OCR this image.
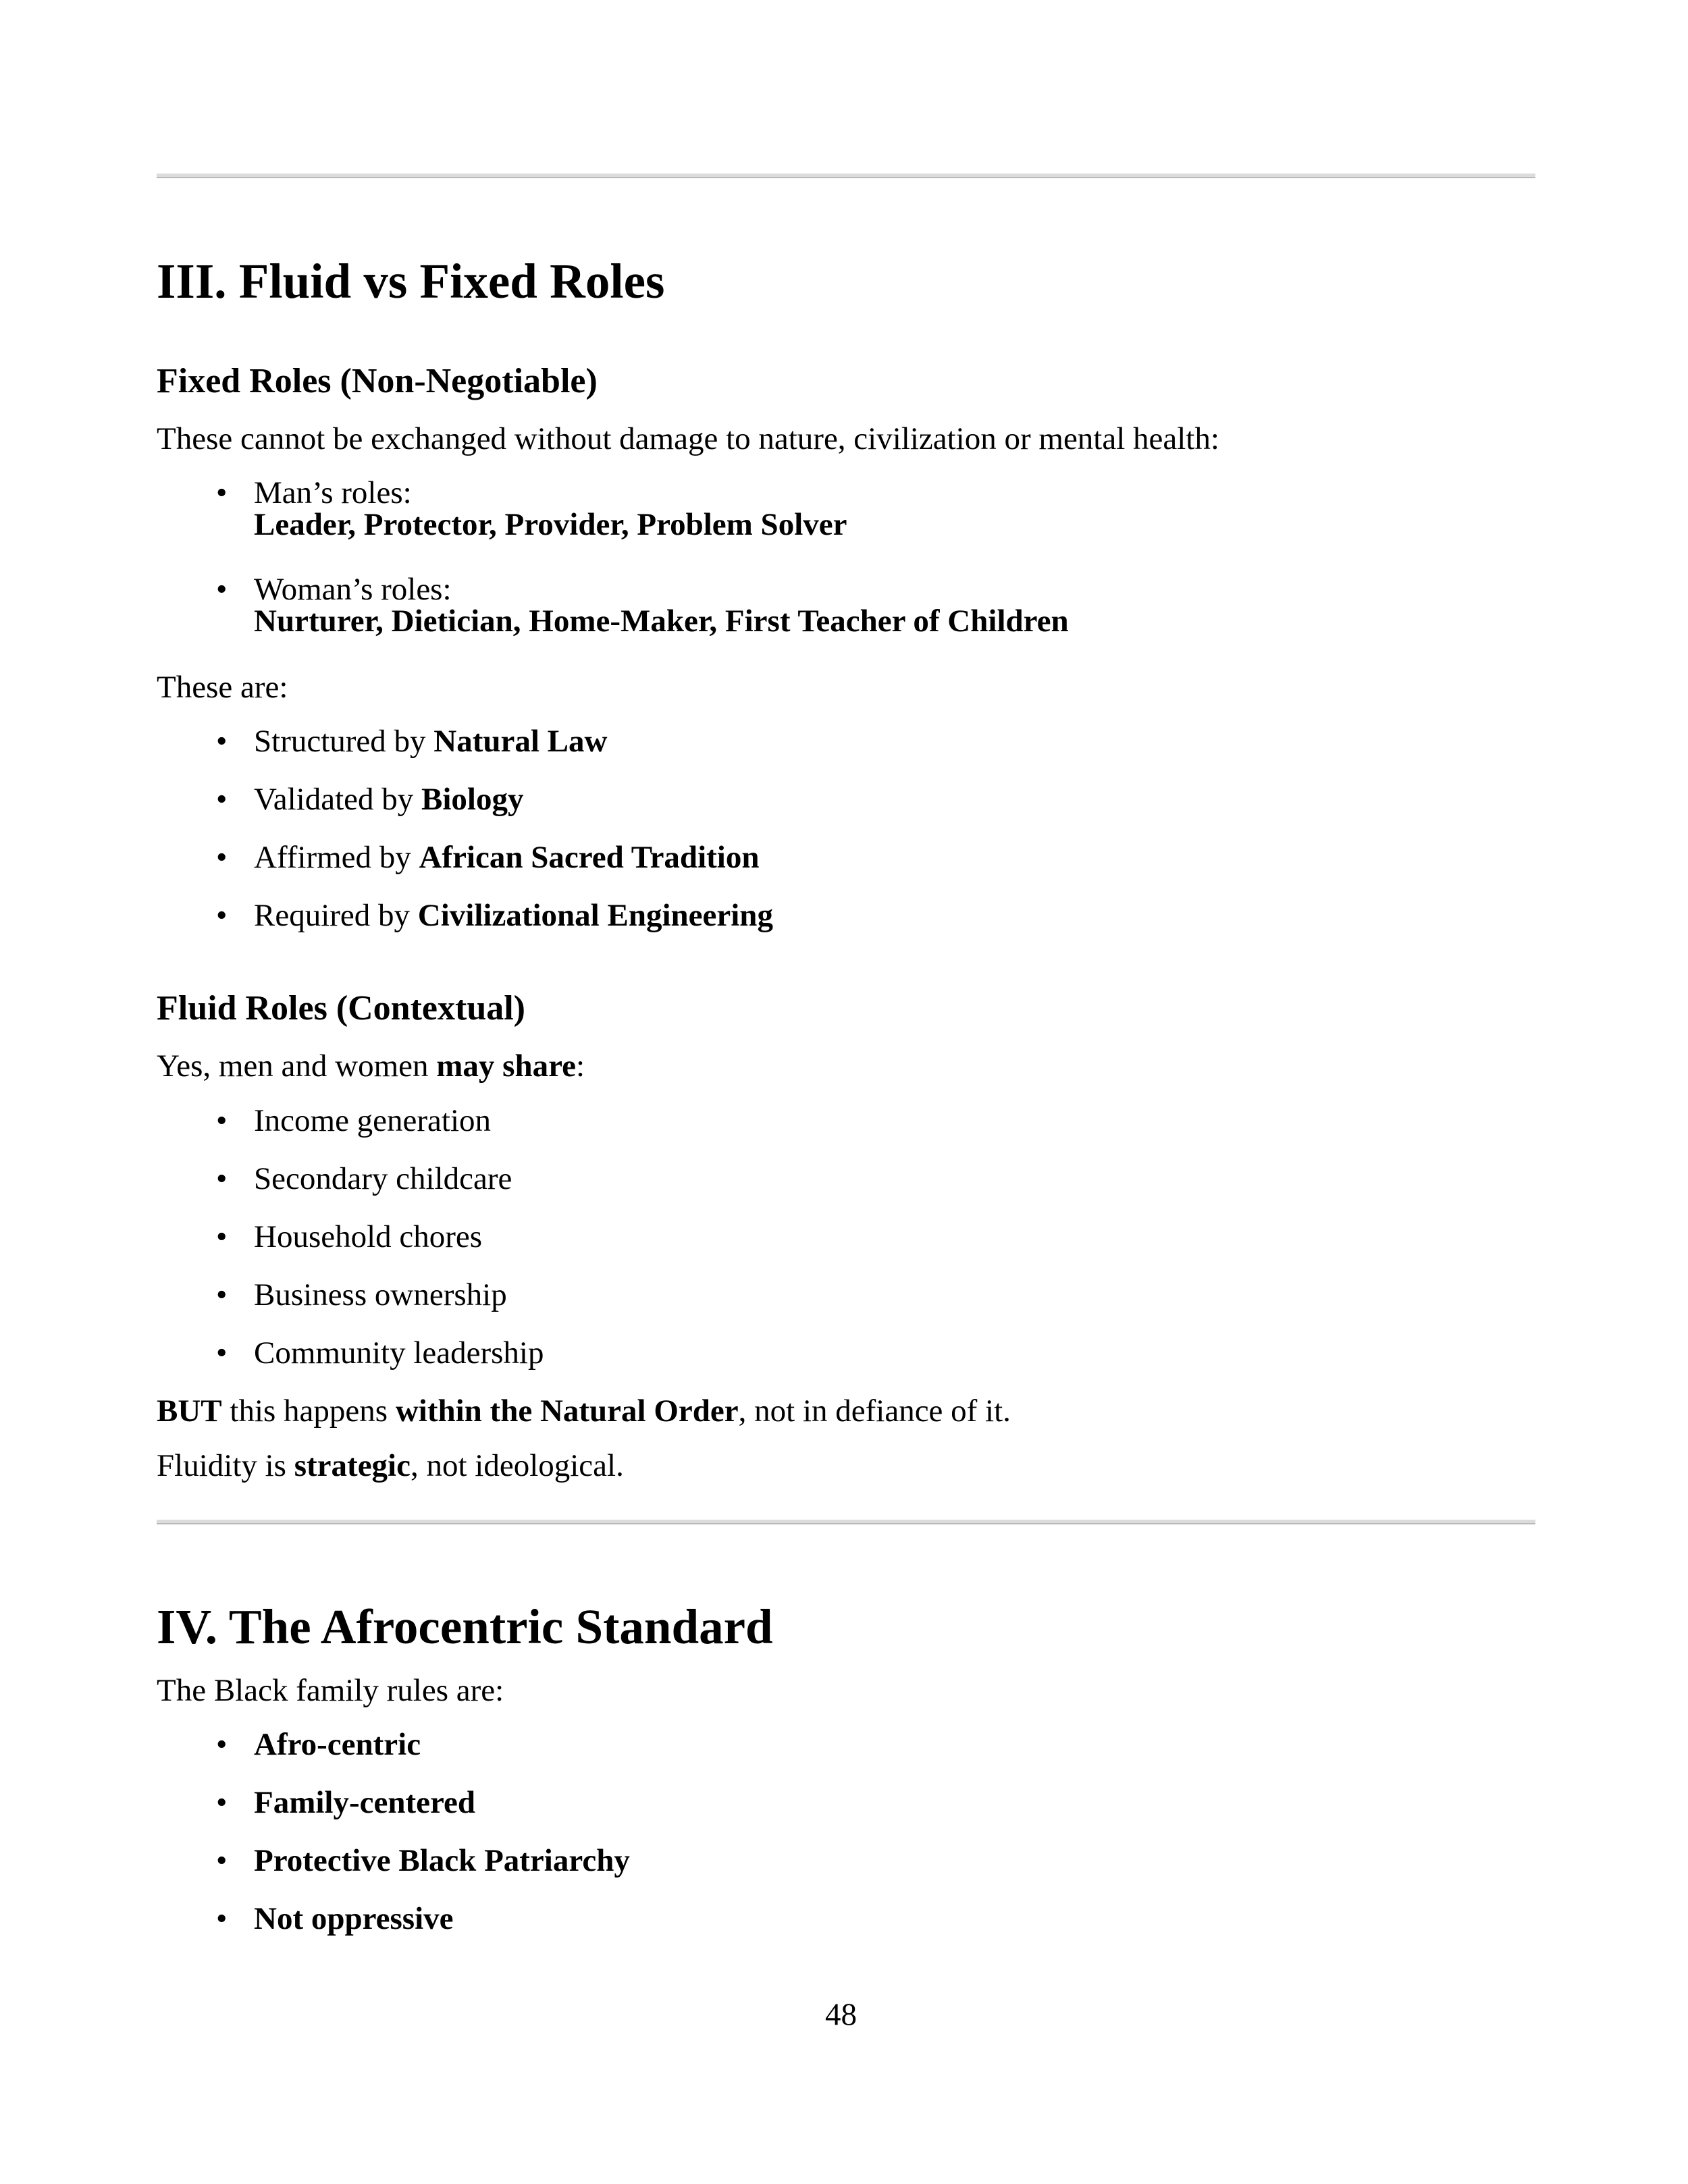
III. Fluid vs Fixed Roles
Fixed Roles (Non-Negotiable)

These cannot be exchanged without damage to nature, civilization or mental health:

• Man’s roles:
Leader, Protector, Provider, Problem Solver
• Woman’s roles:
Nurturer, Dietician, Home-Maker, First Teacher of Children

These are:

• Structured by Natural Law
• Validated by Biology
• Affirmed by African Sacred Tradition
• Required by Civilizational Engineering
Fluid Roles (Contextual)

Yes, men and women may share:

• Income generation
• Secondary childcare
• Household chores
• Business ownership
• Community leadership

BUT this happens within the Natural Order, not in defiance of it.

Fluidity is strategic, not ideological.

IV. The Afrocentric Standard

The Black family rules are:

• Afro-centric
• Family-centered
• Protective Black Patriarchy
• Not oppressive

48
